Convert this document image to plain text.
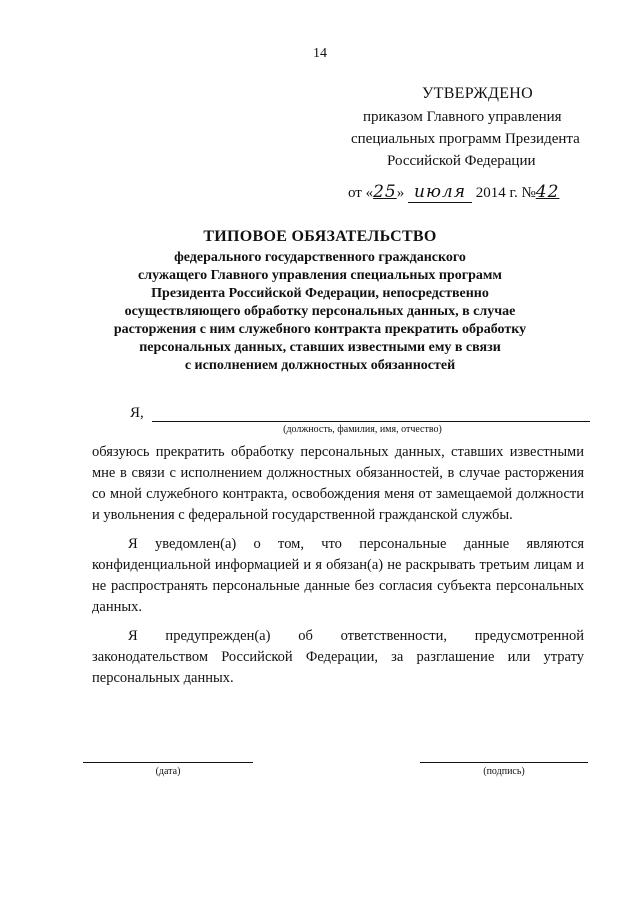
14
УТВЕРЖДЕНО
приказом Главного управления
специальных программ Президента
Российской Федерации
от «25» июля 2014 г. №42
ТИПОВОЕ ОБЯЗАТЕЛЬСТВО
федерального государственного гражданского
служащего Главного управления специальных программ
Президента Российской Федерации, непосредственно
осуществляющего обработку персональных данных, в случае
расторжения с ним служебного контракта прекратить обработку
персональных данных, ставших известными ему в связи
с исполнением должностных обязанностей
Я,
(должность, фамилия, имя, отчество)

обязуюсь прекратить обработку персональных данных, ставших известными мне в связи с исполнением должностных обязанностей, в случае расторжения со мной служебного контракта, освобождения меня от замещаемой должности и увольнения с федеральной государственной гражданской службы.

Я уведомлен(а) о том, что персональные данные являются конфиденциальной информацией и я обязан(а) не раскрывать третьим лицам и не распространять персональные данные без согласия субъекта персональных данных.

Я предупрежден(а) об ответственности, предусмотренной законодательством Российской Федерации, за разглашение или утрату персональных данных.

(дата)	(подпись)
